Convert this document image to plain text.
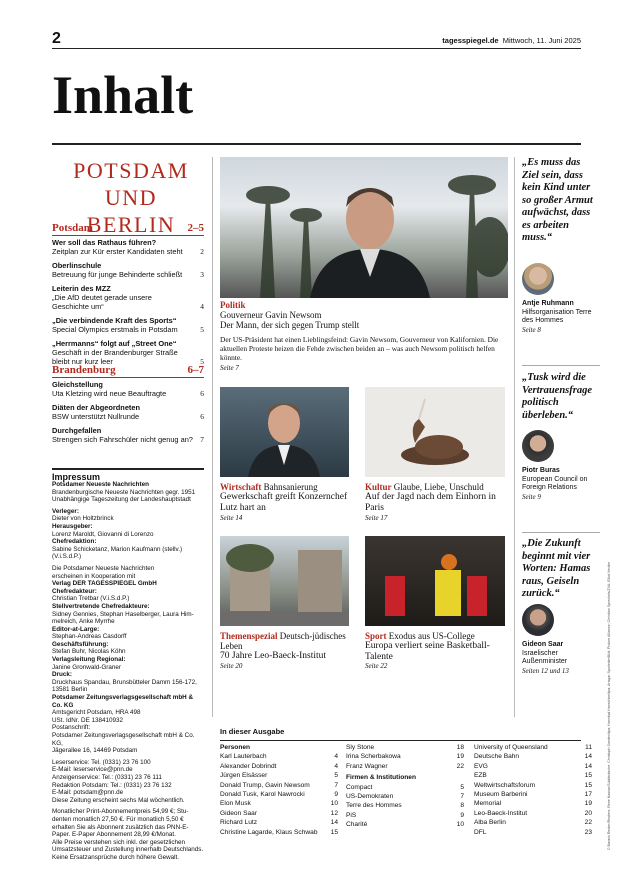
2	tagesspiegel.de Mittwoch, 11. Juni 2025
Inhalt
POTSDAM
UND BERLIN
Potsdam	2–5
Wer soll das Rathaus führen?
Zeitplan zur Kür erster Kandidaten steht 2
Oberlinschule
Betreuung für junge Behinderte schließt 3
Leiterin des MZZ
„Die AfD deutet gerade unsere Geschichte um“	4
„Die verbindende Kraft des Sports“
Special Olympics erstmals in Potsdam	5
„Herrmanns“ folgt auf „Street One“
Geschäft in der Brandenburger Straße bleibt nur kurz leer	5
Brandenburg	6–7
Gleichstellung
Uta Kletzing wird neue Beauftragte	6
Diäten der Abgeordneten
BSW unterstützt Nullrunde	6
Durchgefallen
Strengen sich Fahrschüler nicht genug an? 7
Impressum
Potsdamer Neueste Nachrichten
Brandenburgische Neueste Nachrichten gegr. 1951
Unabhängige Tageszeitung der Landeshauptstadt
Verleger:
Dieter von Holtzbrinck
Herausgeber:
Lorenz Maroldt, Giovanni di Lorenzo
Chefredaktion:
Sabine Schicketanz, Marion Kaufmann (stellv.)
(V.i.S.d.P.)
Die Potsdamer Neueste Nachrichten
erscheinen in Kooperation mit
Verlag DER TAGESSPIEGEL GmbH
Chefredakteur:
Christian Tretbar (V.i.S.d.P.)
Stellvertretende Chefredakteure:
Sidney Gennies, Stephan Haselberger, Laura Him-
melreich, Anke Myrrhe
Editor-at-Large:
Stephan-Andreas Casdorff
Geschäftsführung:
Stefan Buhr, Nicolas Köhn
Verlagsleitung Regional:
Janine Gronwald-Graner
Druck:
Druckhaus Spandau, Brunsbütteler Damm 156-172,
13581 Berlin
Potsdamer Zeitungsverlagsgesellschaft mbH & Co. KG
Amtsgericht Potsdam, HRA 498
USt. IdNr. DE 138410932
Postanschrift:
Potsdamer Zeitungsverlagsgesellschaft mbH & Co.
KG,
Jägerallee 16, 14469 Potsdam
Leserservice: Tel. (0331) 23 76 100
E-Mail: leserservice@pnn.de
Anzeigenservice: Tel.: (0331) 23 76 111
Redaktion Potsdam: Tel.: (0331) 23 76 132
E-Mail: potsdam@pnn.de
Diese Zeitung erscheint sechs Mal wöchentlich.
Monatlicher Print-Abonnementpreis 54,99 €; Stu-
denten monatlich 27,50 €. Für monatlich 5,50 €
erhalten Sie als Abonnent zusätzlich das PNN-E-
Paper. E-Paper Abonnement 28,99 €/Monat.
Alle Preise verstehen sich inkl. der gesetzlichen
Umsatzsteuer und Zustellung innerhalb Deutschlands.
Keine Ersatzansprüche durch höhere Gewalt.
Politik
Gouverneur Gavin Newsom
Der Mann, der sich gegen Trump stellt
Der US-Präsident hat einen Lieblingsfeind: Gavin Newsom, Gouverneur von Kalifornien. Die aktuellen Proteste heizen die Fehde zwischen beiden an – was auch Newsom politisch helfen könnte.
Seite 7
Wirtschaft Bahnsanierung
Gewerkschaft greift Konzernchef Lutz hart an
Seite 14
Kultur Glaube, Liebe, Unschuld
Auf der Jagd nach dem Einhorn in Paris
Seite 17
Themenspezial Deutsch-jüdisches Leben
70 Jahre Leo-Baeck-Institut
Seite 20
Sport Exodus aus US-College
Europa verliert seine Basketball-Talente
Seite 22
„Es muss das Ziel sein, dass kein Kind unter so großer Armut aufwächst, dass es arbeiten muss.“
Antje Ruhmann
Hilfsorganisation Terre des Hommes
Seite 8
„Tusk wird die Vertrauensfrage politisch überleben.“
Piotr Buras
European Council on Foreign Relations
Seite 9
„Die Zukunft beginnt mit vier Worten: Hamas raus, Geiseln zurück.“
Gideon Saar
Israelischer Außenminister
Seiten 12 und 13
In dieser Ausgabe
Personen
Karl Lauterbach	4
Alexander Dobrindt	4
Jürgen Elsässer	5
Donald Trump, Gavin Newsom	7
Donald Tusk, Karol Nawrocki	9
Elon Musk	10
Gideon Saar	12
Richard Lutz	14
Christine Lagarde, Klaus Schwab 15
Sly Stone	18
Irina Scherbakowa	19
Franz Wagner	22
Firmen & Institutionen
Compact	5
US-Demokraten	7
Terre des Hommes	8
PiS	9
Charité	10
University of Queensland	11
Deutsche Bahn	14
EVG	14
EZB	15
Weltwirtschaftsforum	15
Museum Barberini	17
Memorial	19
Leo-Baeck-Institut	20
Alba Berlin	22
DFL	23	© Barack Reuter/Reuters; Rene Nassar/Süddeutsche; Christoph Soeder/dpa; Hannibal Hanschke/dpa; Ansgar Sporleder/Bild; Picture Alliance; Christian Spreckels/ZVA; Elliot Verdier
